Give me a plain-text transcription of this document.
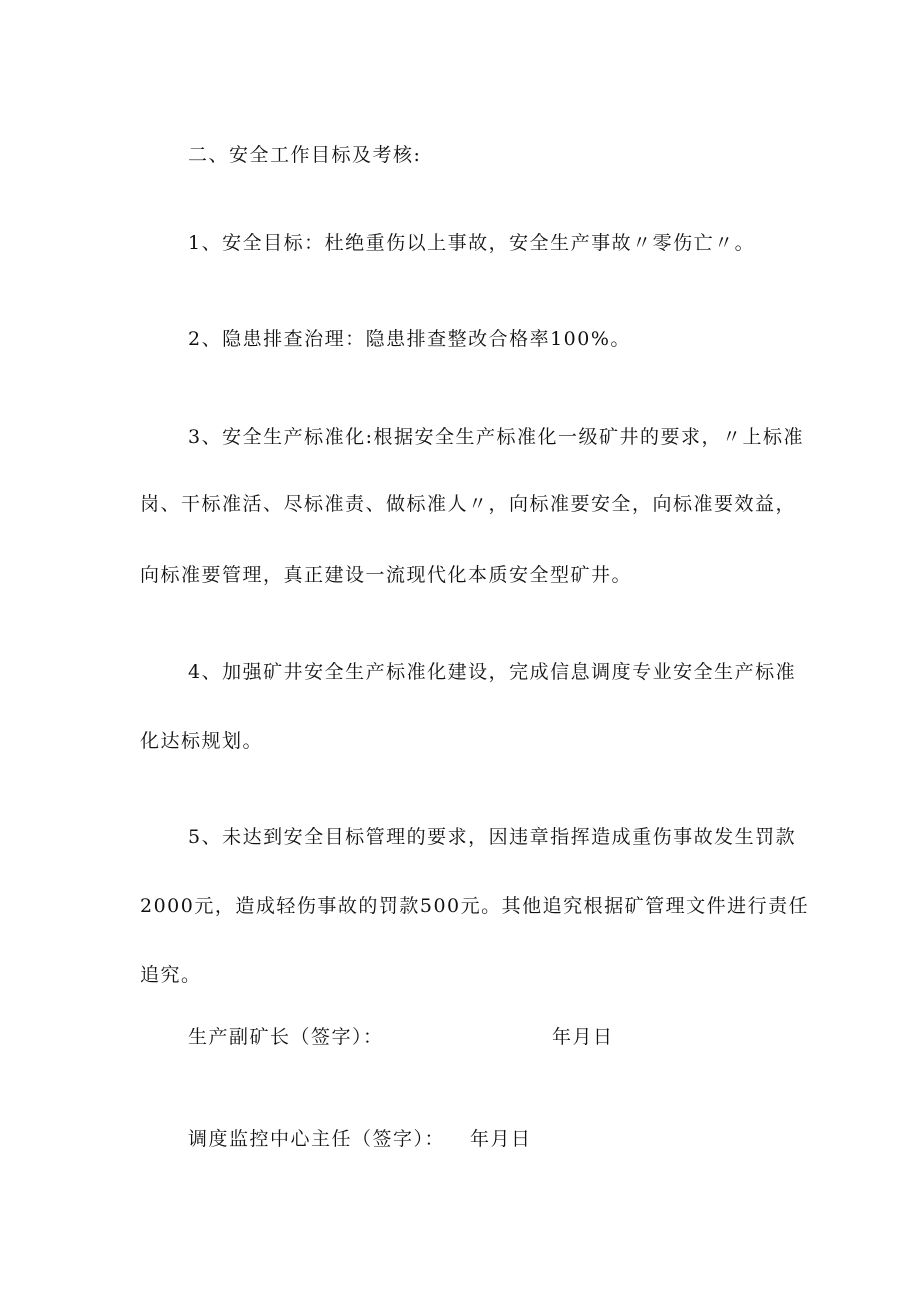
二、安全工作目标及考核:

1、安全目标：杜绝重伤以上事故，安全生产事故〃零伤亡〃。

2、隐患排查治理：隐患排查整改合格率100%。

3、安全生产标准化:根据安全生产标准化一级矿井的要求，〃上标准

岗、干标准活、尽标准责、做标准人〃，向标准要安全，向标准要效益，

向标准要管理，真正建设一流现代化本质安全型矿井。

4、加强矿井安全生产标准化建设，完成信息调度专业安全生产标准

化达标规划。

5、未达到安全目标管理的要求，因违章指挥造成重伤事故发生罚款

2000元，造成轻伤事故的罚款500元。其他追究根据矿管理文件进行责任

追究。

生产副矿长（签字）：	年月日

调度监控中心主任（签字）： 年月日
